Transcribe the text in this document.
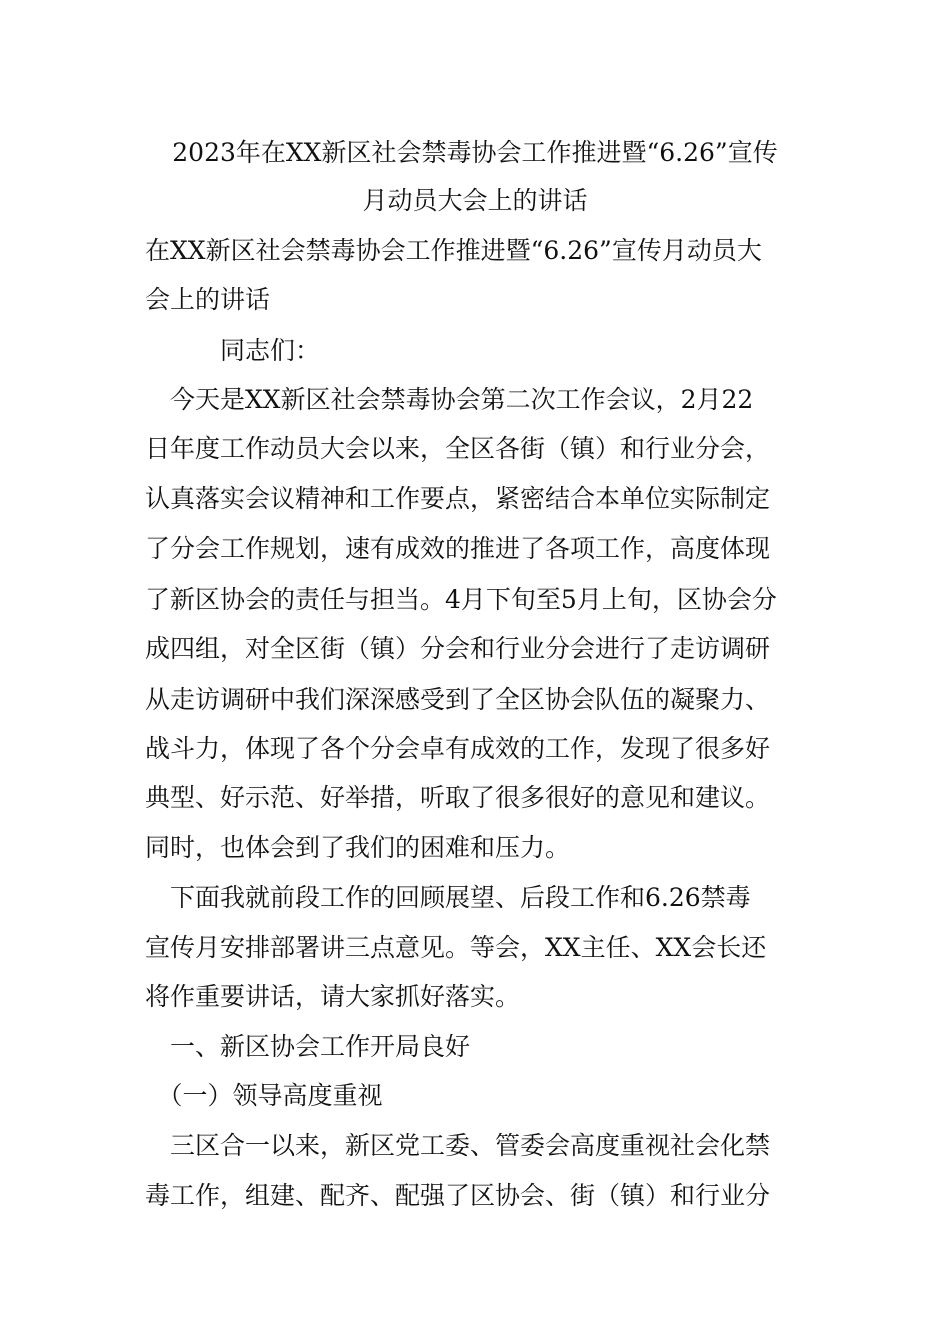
2023年在XX新区社会禁毒协会工作推进暨“6.26”宣传
月动员大会上的讲话
在XX新区社会禁毒协会工作推进暨“6.26”宣传月动员大
会上的讲话
　　　同志们：
　今天是XX新区社会禁毒协会第二次工作会议，2月22
日年度工作动员大会以来，全区各街（镇）和行业分会，
认真落实会议精神和工作要点，紧密结合本单位实际制定
了分会工作规划，速有成效的推进了各项工作，高度体现
了新区协会的责任与担当。4月下旬至5月上旬，区协会分
成四组，对全区街（镇）分会和行业分会进行了走访调研
从走访调研中我们深深感受到了全区协会队伍的凝聚力、
战斗力，体现了各个分会卓有成效的工作，发现了很多好
典型、好示范、好举措，听取了很多很好的意见和建议。
同时，也体会到了我们的困难和压力。
　下面我就前段工作的回顾展望、后段工作和6.26禁毒
宣传月安排部署讲三点意见。等会，XX主任、XX会长还
将作重要讲话，请大家抓好落实。
　一、新区协会工作开局良好
　（一）领导高度重视
　三区合一以来，新区党工委、管委会高度重视社会化禁
毒工作，组建、配齐、配强了区协会、街（镇）和行业分
